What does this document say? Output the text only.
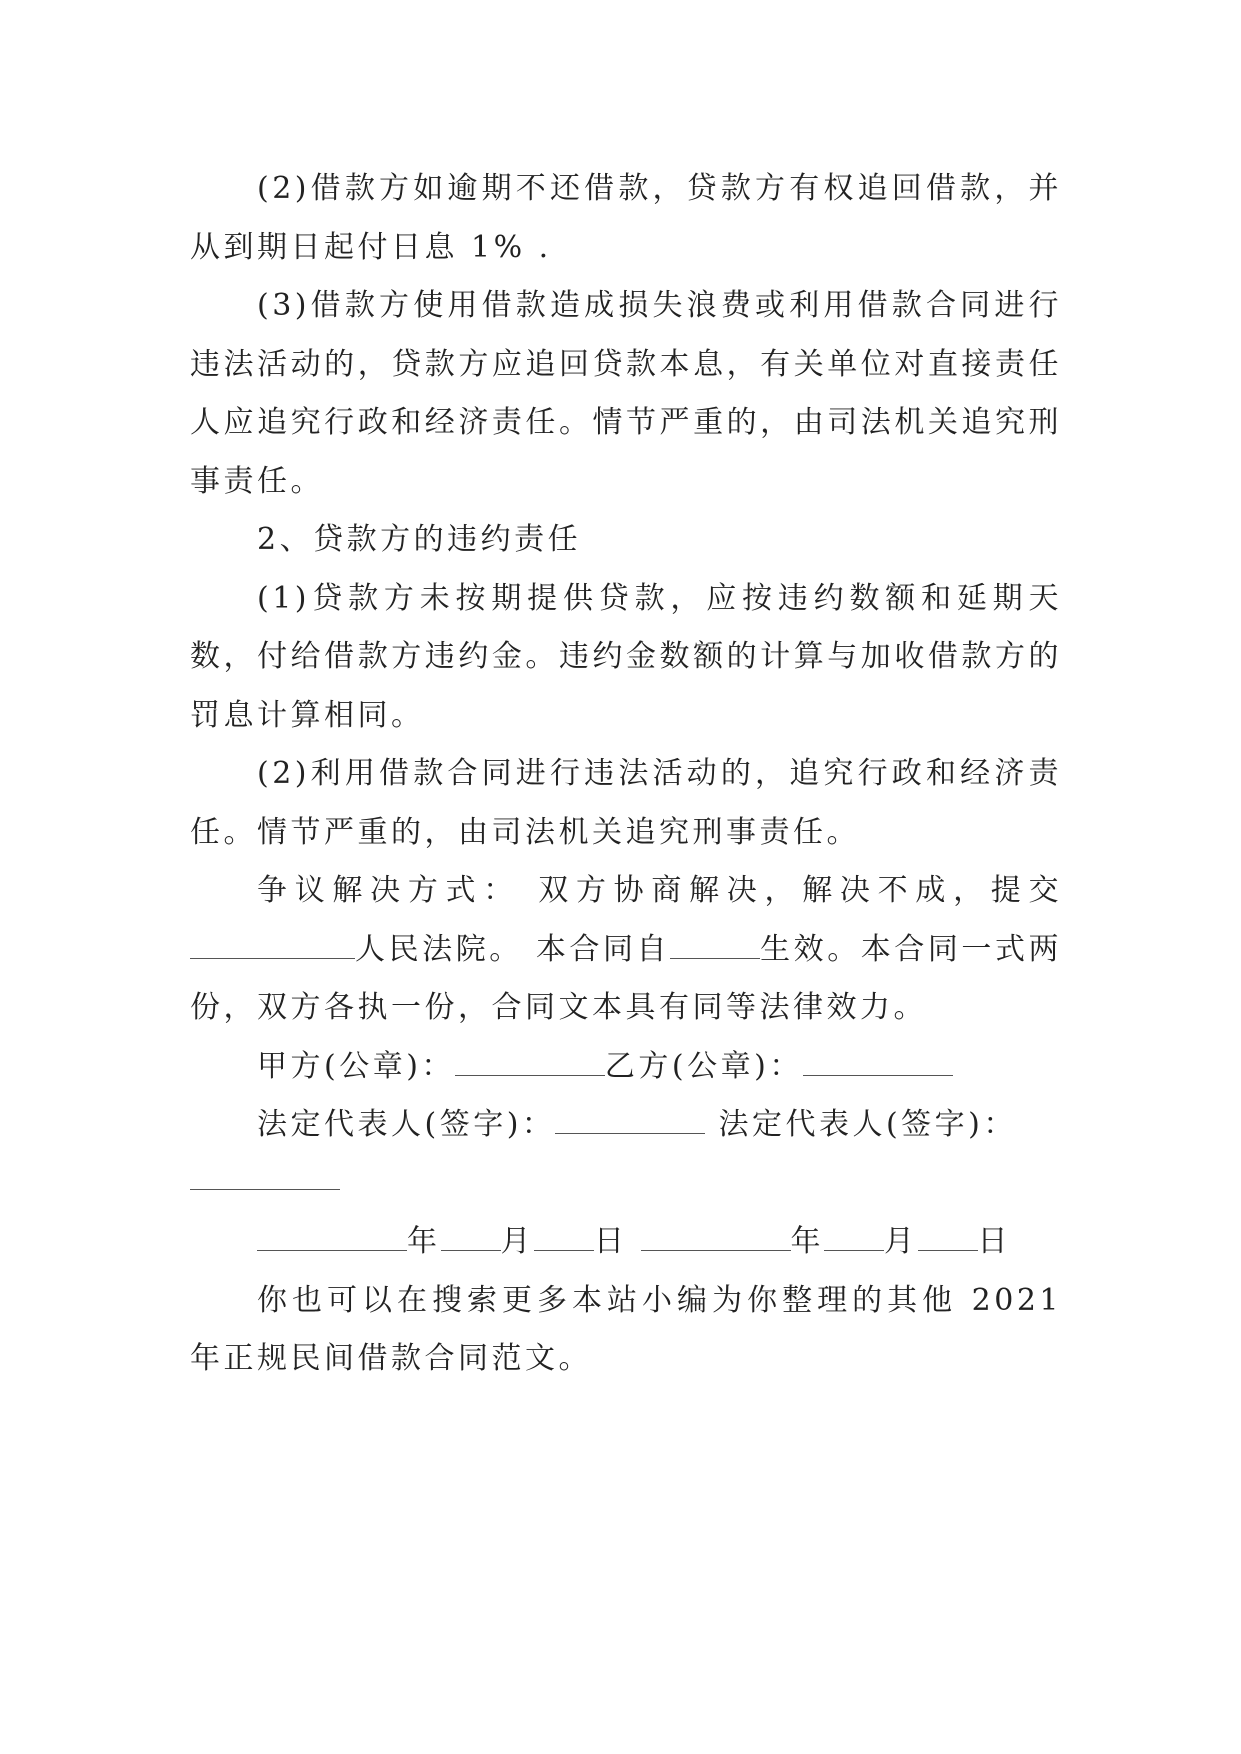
(2)借款方如逾期不还借款，贷款方有权追回借款，并从到期日起付日息 1% .

(3)借款方使用借款造成损失浪费或利用借款合同进行违法活动的，贷款方应追回贷款本息，有关单位对直接责任人应追究行政和经济责任。情节严重的，由司法机关追究刑事责任。

2、贷款方的违约责任

(1)贷款方未按期提供贷款，应按违约数额和延期天数，付给借款方违约金。违约金数额的计算与加收借款方的罚息计算相同。

(2)利用借款合同进行违法活动的，追究行政和经济责任。情节严重的，由司法机关追究刑事责任。

争议解决方式： 双方协商解决，解决不成，提交人民法院。 本合同自	生效。本合同一式两份，双方各执一份，合同文本具有同等法律效力。

甲方(公章)：	乙方(公章)：

法定代表人(签字)：	法定代表人(签字)：

年 月 日	年 月 日

你也可以在搜索更多本站小编为你整理的其他 2021 年正规民间借款合同范文。
